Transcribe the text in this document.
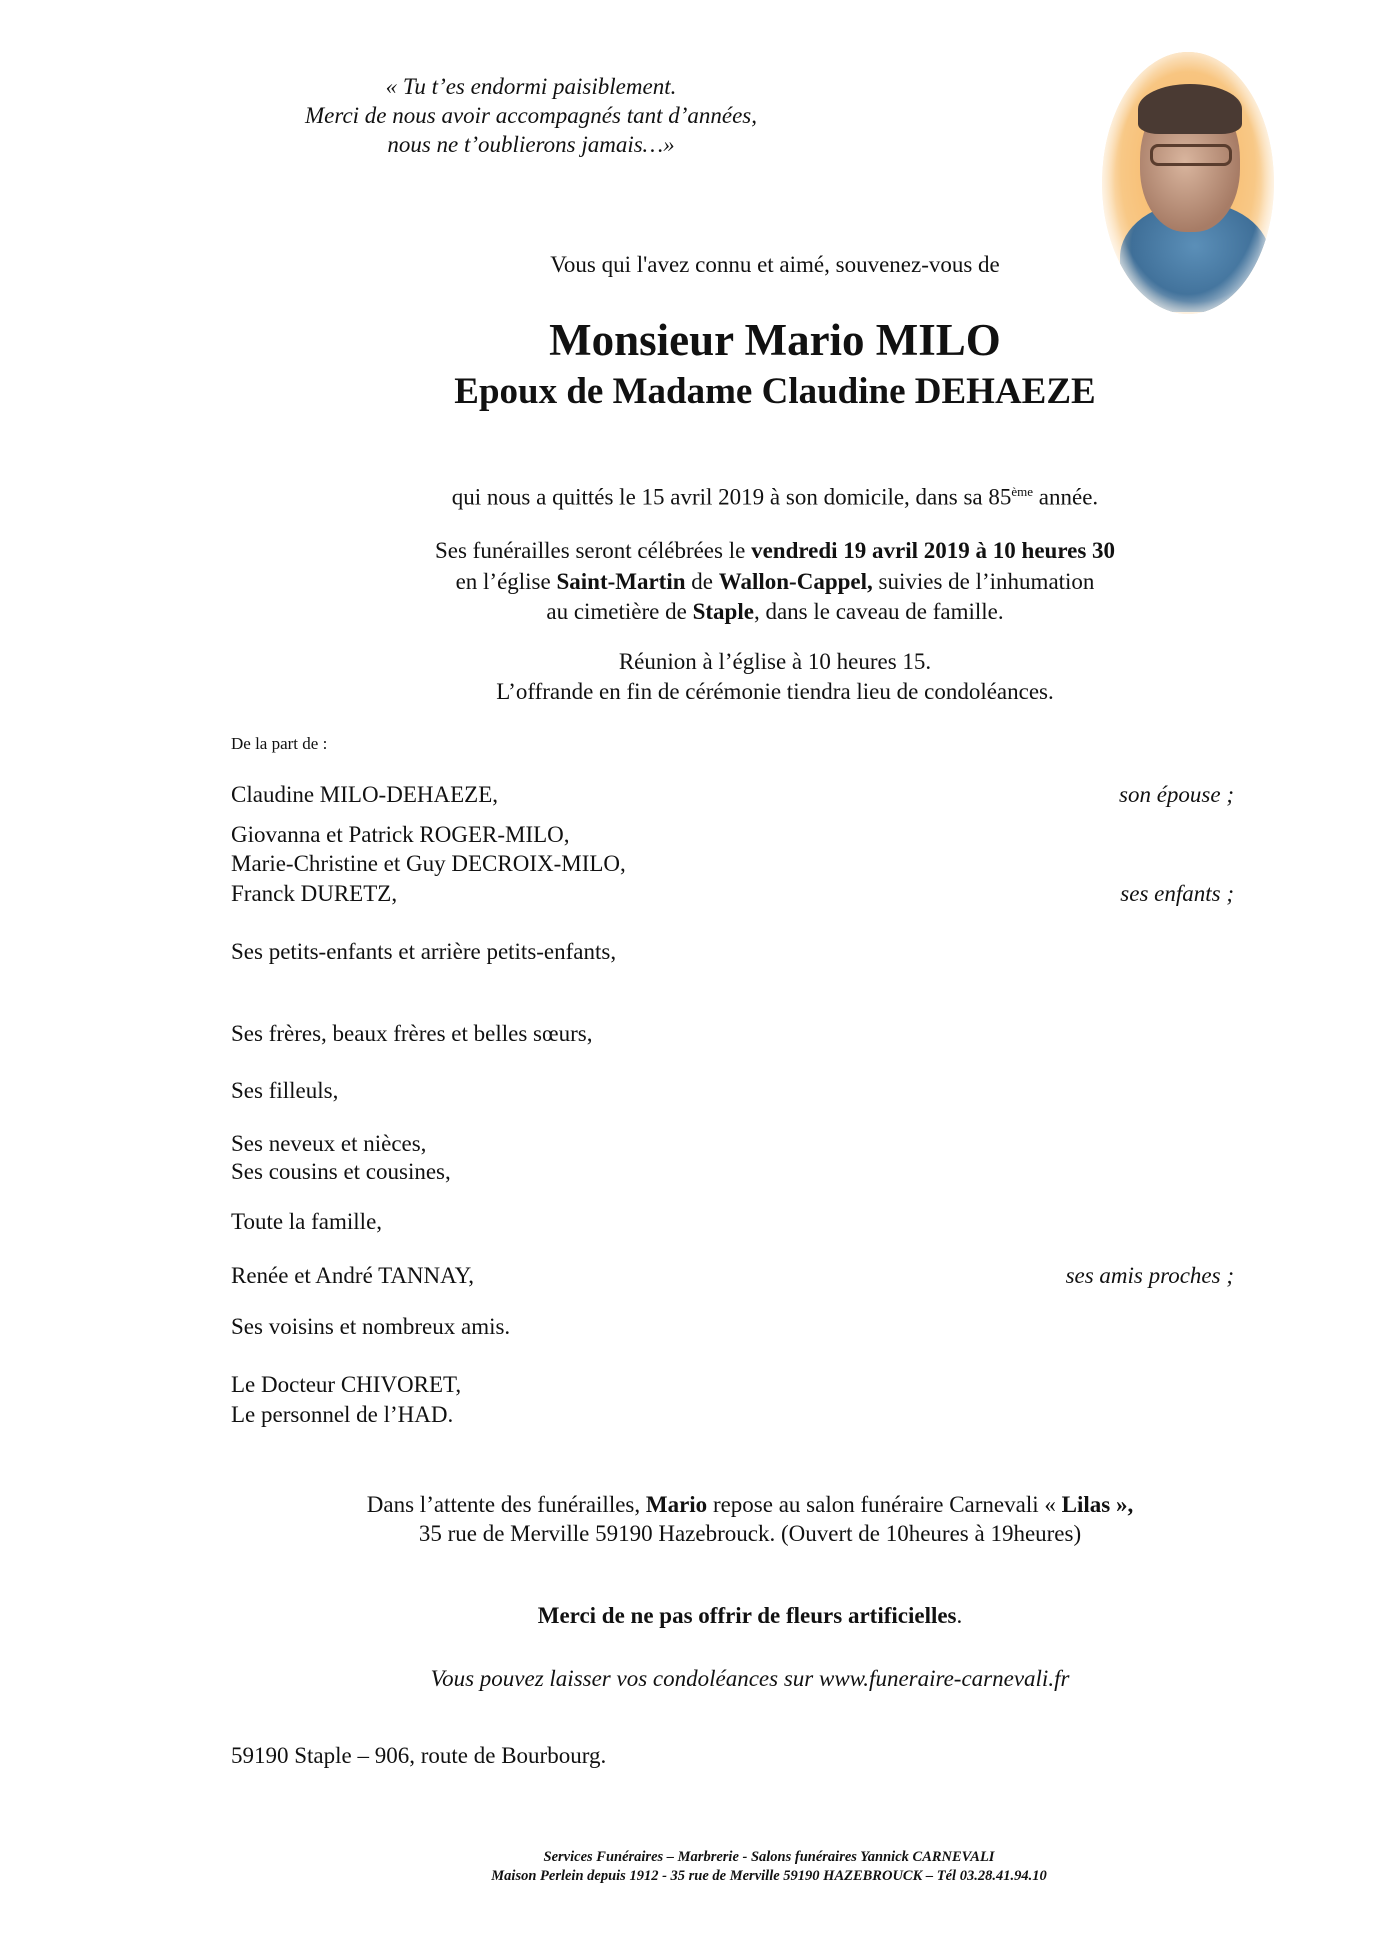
« Tu t’es endormi paisiblement.
Merci de nous avoir accompagnés tant d’années,
nous ne t’oublierons jamais…»
Vous qui l'avez connu et aimé, souvenez-vous de
Monsieur Mario MILO
Epoux de Madame Claudine DEHAEZE
qui nous a quittés le 15 avril 2019 à son domicile, dans sa 85ème année.
Ses funérailles seront célébrées le vendredi 19 avril 2019 à 10 heures 30
en l’église Saint-Martin de Wallon-Cappel, suivies de l’inhumation
au cimetière de Staple, dans le caveau de famille.
Réunion à l’église à 10 heures 15.
L’offrande en fin de cérémonie tiendra lieu de condoléances.
De la part de :
Claudine MILO-DEHAEZE,	son épouse ;
Giovanna et Patrick ROGER-MILO,
Marie-Christine et Guy DECROIX-MILO,
Franck DURETZ,	ses enfants ;
Ses petits-enfants et arrière petits-enfants,
Ses frères, beaux frères et belles sœurs,
Ses filleuls,
Ses neveux et nièces,
Ses cousins et cousines,
Toute la famille,
Renée et André TANNAY,	ses amis proches ;
Ses voisins et nombreux amis.
Le Docteur CHIVORET,
Le personnel de l’HAD.
Dans l’attente des funérailles, Mario repose au salon funéraire Carnevali « Lilas »,
35 rue de Merville 59190 Hazebrouck. (Ouvert de 10heures à 19heures)
Merci de ne pas offrir de fleurs artificielles.
Vous pouvez laisser vos condoléances sur www.funeraire-carnevali.fr
59190 Staple – 906, route de Bourbourg.
Services Funéraires – Marbrerie - Salons funéraires Yannick CARNEVALI
Maison Perlein depuis 1912 - 35 rue de Merville 59190 HAZEBROUCK – Tél 03.28.41.94.10
